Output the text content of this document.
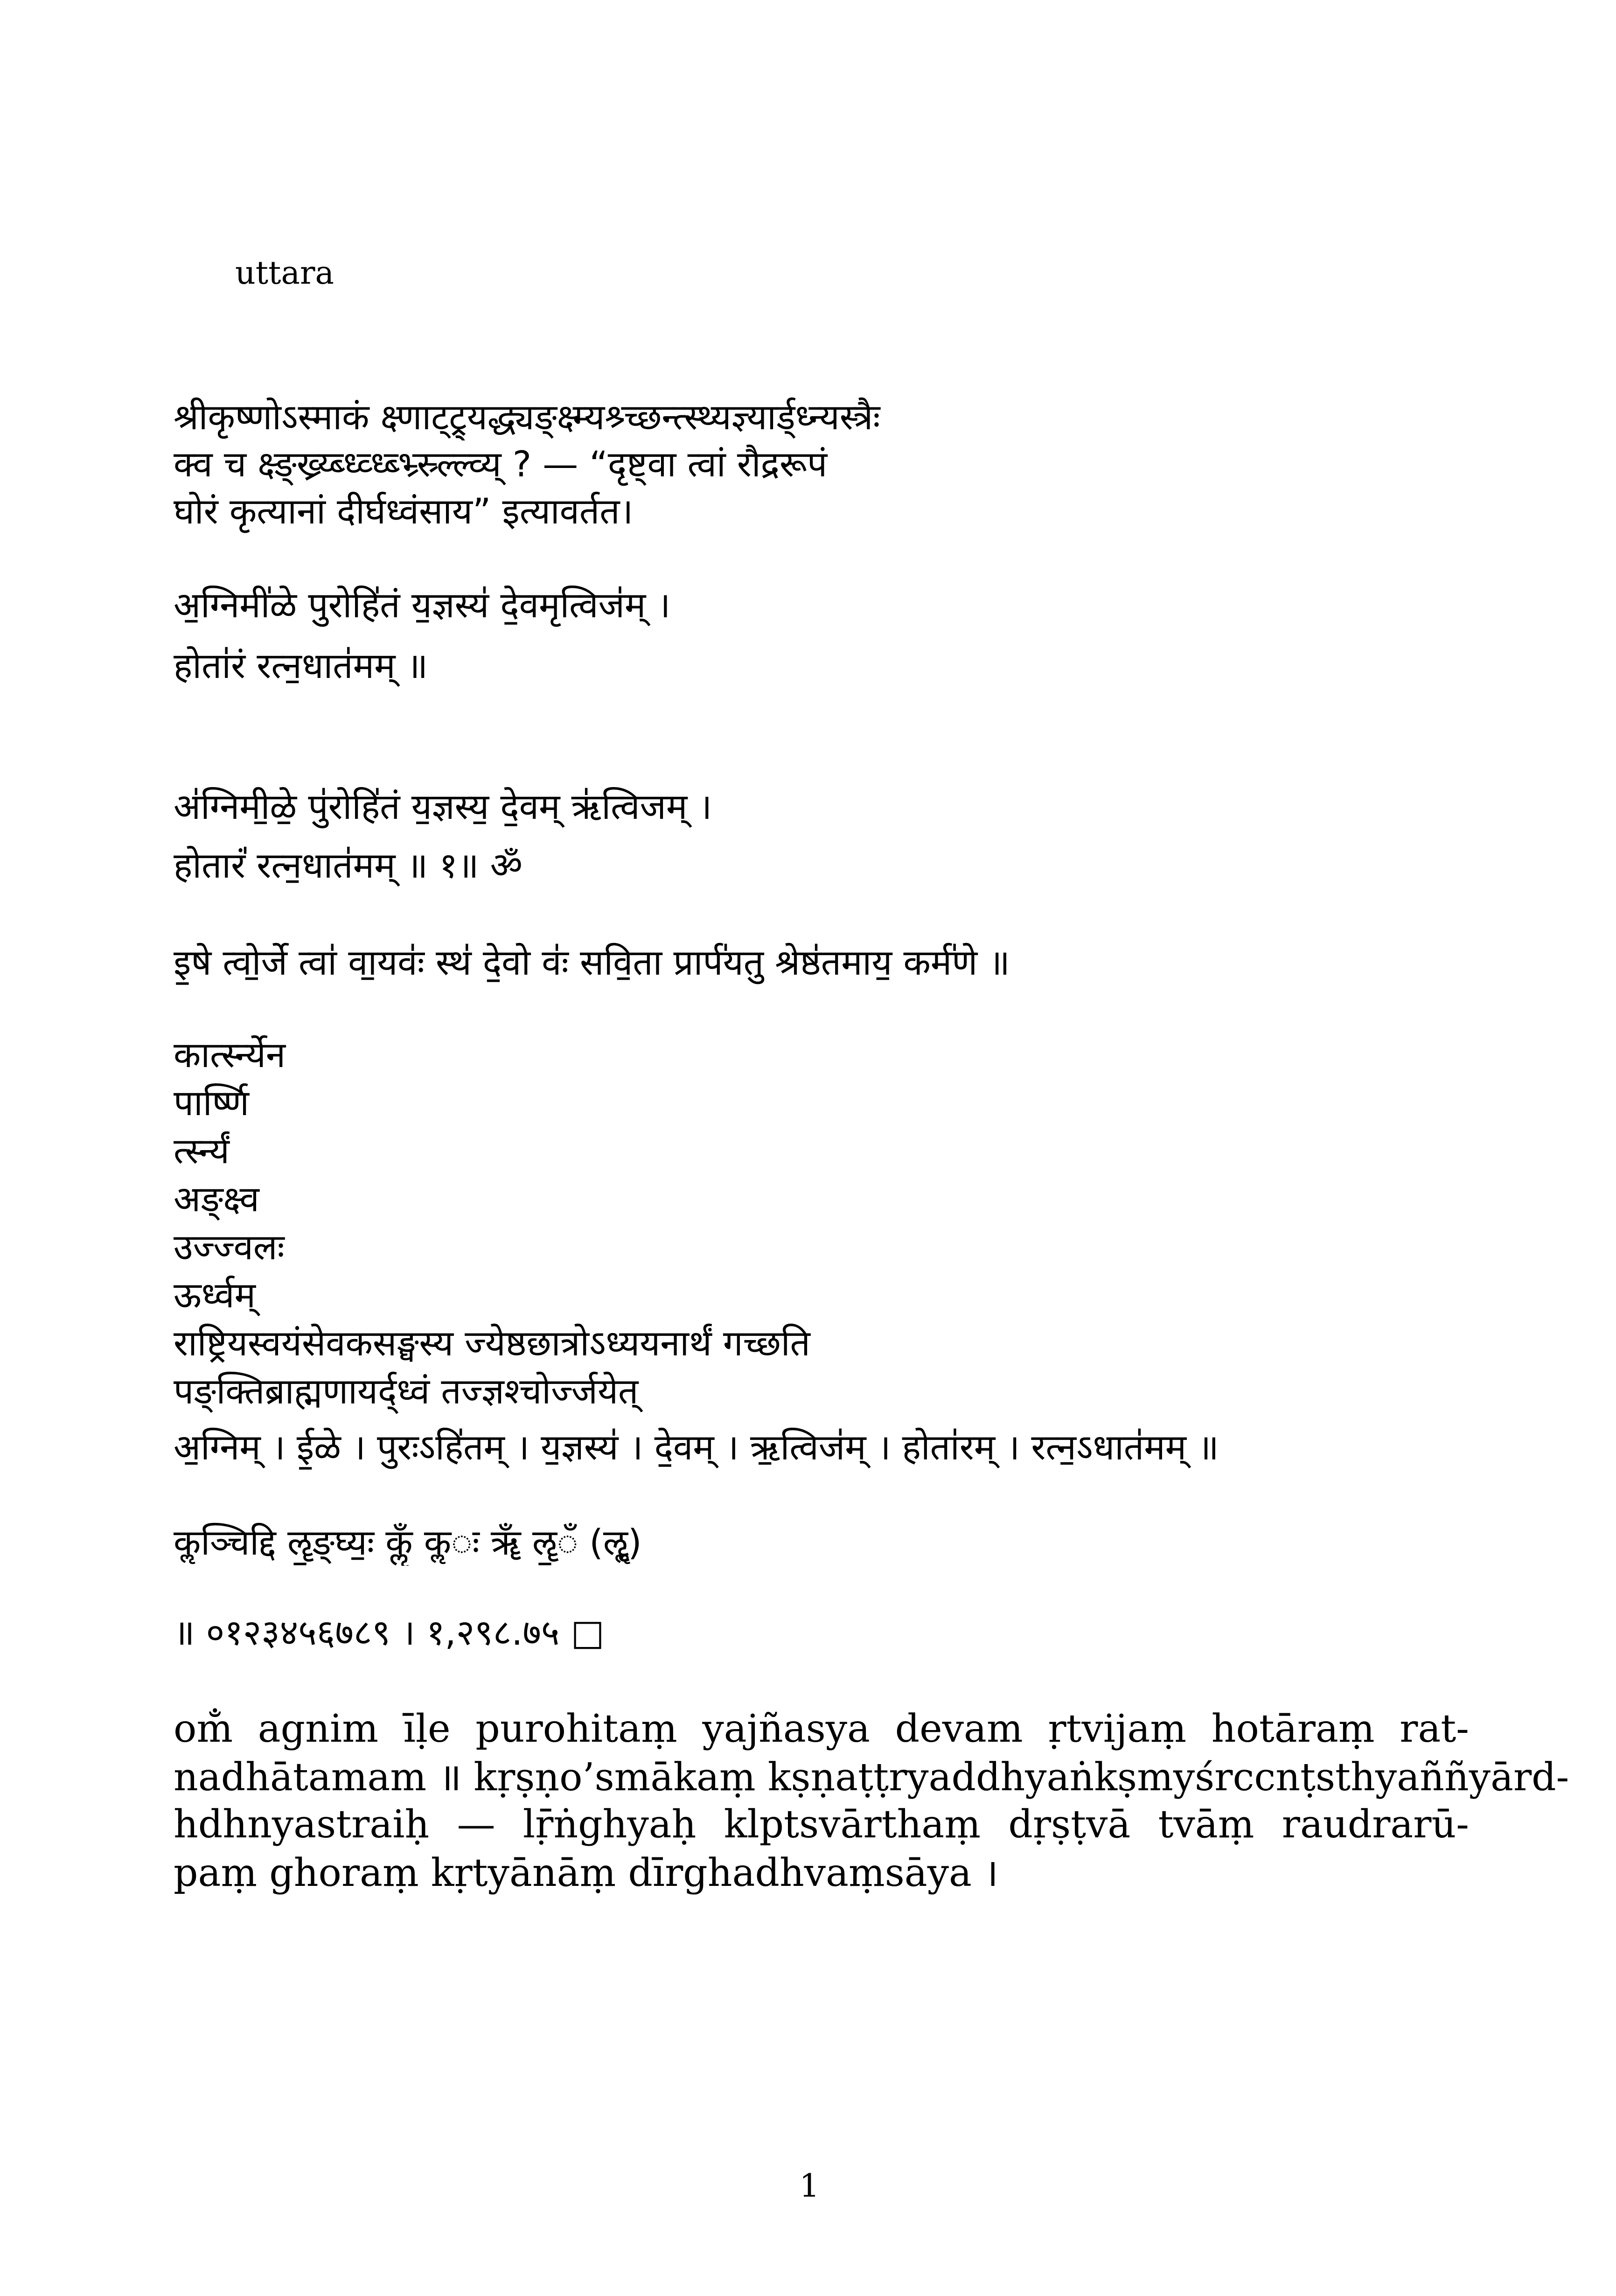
uttara
श्रीकृष्णोऽस्माकं क्ष्णाट्ट्र्यद्ध्यङ्क्ष्म्यश्र्च्छन्त्स्थ्यज्ञ्यार्ड्ध्न्यस्त्रैः
क्व च क्ष्ङ्ख्र्य्ब्ध्व्ध्ब्भ्र्स्र्ल्ल्व्य् ? — “दृष्ट्वा त्वां रौद्ररूपं
घोरं कृत्यानां दीर्घध्वंसाय” इत्यावर्तत।
अ॒ग्निमी॑ळे पु॒रोहि॑तं य॒ज्ञस्य॑ दे॒वमृ॒त्विज॑म् ।
होता॑रं रत्न॒धात॑मम् ॥
अ॑ग्निमी॒ळे॒ पु॑रोहि॑तं य॒ज्ञस्य॒ दे॒वम् ऋ॑त्विजम् ।
हो॒तारं॑ रत्न॒धात॑मम् ॥ १॥ ॐ
इ॒षे त्वो॒र्जे त्वा॑ वा॒यवः॑ स्थ॑ दे॒वो वः॑ सवि॒ता प्रार्प॑यतु॒ श्रेष्ठ॑तमाय॒ कर्म॑णे ॥
कार्त्स्न्येन
पार्ष्णि
र्त्स्न्यं
अङ्क्ष्व
उज्ज्वलः
ऊर्ध्वम्
राष्ट्रियस्वयंसेवकसङ्घस्य ज्येष्ठछात्रोऽध्ययनार्थं गच्छति
पङ्क्तिब्राह्मणायर्द्ध्वं तज्ज्ञश्चोर्ज्जयेत्
अ॒ग्निम् । ई॒ळे । पु॒रःऽहि॑तम् । य॒ज्ञस्य॑ । दे॒वम् । ऋ॒त्विज॑म् । होता॑रम् । रत्न॒ऽधात॑मम् ॥
कॢ॒ञ्चिद्दि ॡ॒ङ्घ्यः॒ कॢँ कॢ॒ः ॠँ ॡ॒ँ (ॡॢ॒)
॥ ०१२३४५६७८९ । १,२९८.७५ □
om̐ agnim īḷe purohitaṃ yajñasya devam ṛtvijaṃ hotāraṃ rat-
nadhātamam ॥ kṛṣṇo’smākaṃ kṣṇaṭṭryaddhyaṅkṣmyśrccnṭsthyaññyārd-
hdhnyastraiḥ — lṝṅghyaḥ klptsvārthaṃ dṛṣṭvā tvāṃ raudrarū-
paṃ ghoraṃ kṛtyānāṃ dīrghadhvaṃsāya ।
1
